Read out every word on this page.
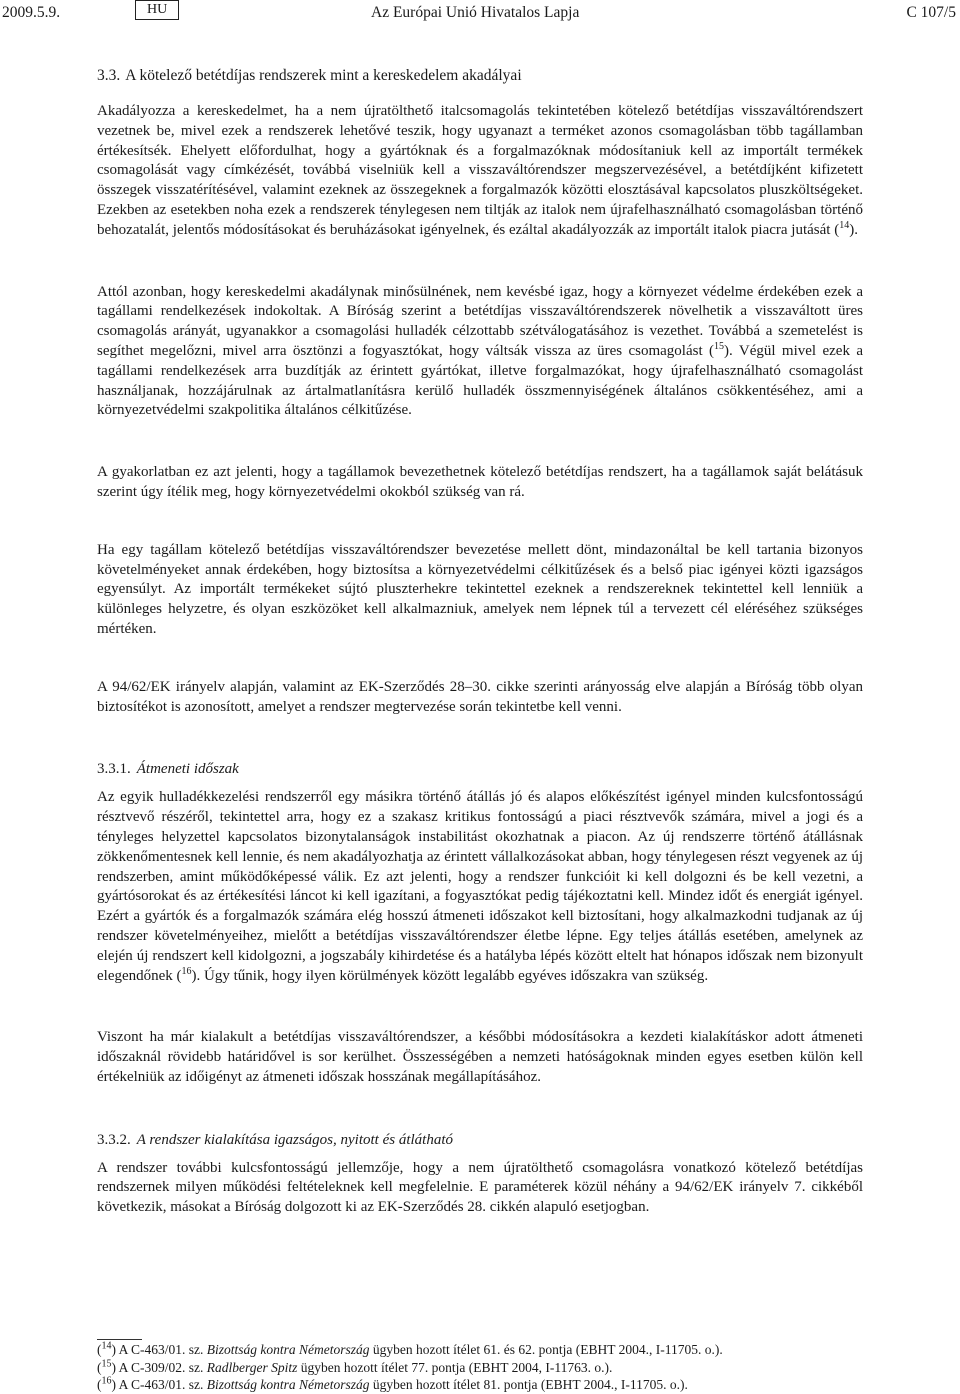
2009.5.9.	HU	Az Európai Unió Hivatalos Lapja	C 107/5
3.3. A kötelező betétdíjas rendszerek mint a kereskedelem akadályai

Akadályozza a kereskedelmet, ha a nem újratölthető italcsomagolás tekintetében kötelező betétdíjas visszaváltórendszert vezetnek be, mivel ezek a rendszerek lehetővé teszik, hogy ugyanazt a terméket azonos csomagolásban több tagállamban értékesítsék. Ehelyett előfordulhat, hogy a gyártóknak és a forgalmazóknak módosítaniuk kell az importált termékek csomagolását vagy címkézését, továbbá viselniük kell a visszaváltórendszer megszervezésével, a betétdíjként kifizetett összegek visszatérítésével, valamint ezeknek az összegeknek a forgalmazók közötti elosztásával kapcsolatos pluszköltségeket. Ezekben az esetekben noha ezek a rendszerek ténylegesen nem tiltják az italok nem újrafelhasználható csomagolásban történő behozatalát, jelentős módosításokat és beruházásokat igényelnek, és ezáltal akadályozzák az importált italok piacra jutását ($^{14}$).

Attól azonban, hogy kereskedelmi akadálynak minősülnének, nem kevésbé igaz, hogy a környezet védelme érdekében ezek a tagállami rendelkezések indokoltak. A Bíróság szerint a betétdíjas visszaváltórendszerek növelhetik a visszaváltott üres csomagolás arányát, ugyanakkor a csomagolási hulladék célzottabb szétválogatásához is vezethet. Továbbá a szemetelést is segíthet megelőzni, mivel arra ösztönzi a fogyasztókat, hogy váltsák vissza az üres csomagolást ($^{15}$). Végül mivel ezek a tagállami rendelkezések arra buzdítják az érintett gyártókat, illetve forgalmazókat, hogy újrafelhasználható csomagolást használjanak, hozzájárulnak az ártalmatlanításra kerülő hulladék összmennyiségének általános csökkentéséhez, ami a környezetvédelmi szakpolitika általános célkitűzése.

A gyakorlatban ez azt jelenti, hogy a tagállamok bevezethetnek kötelező betétdíjas rendszert, ha a tagállamok saját belátásuk szerint úgy ítélik meg, hogy környezetvédelmi okokból szükség van rá.

Ha egy tagállam kötelező betétdíjas visszaváltórendszer bevezetése mellett dönt, mindazonáltal be kell tartania bizonyos követelményeket annak érdekében, hogy biztosítsa a környezetvédelmi célkitűzések és a belső piac igényei közti igazságos egyensúlyt. Az importált termékeket sújtó pluszterhekre tekintettel ezeknek a rendszereknek tekintettel kell lenniük a különleges helyzetre, és olyan eszközöket kell alkalmazniuk, amelyek nem lépnek túl a tervezett cél eléréséhez szükséges mértéken.

A 94/62/EK irányelv alapján, valamint az EK-Szerződés 28–30. cikke szerinti arányosság elve alapján a Bíróság több olyan biztosítékot is azonosított, amelyet a rendszer megtervezése során tekintetbe kell venni.

3.3.1. Átmeneti időszak

Az egyik hulladékkezelési rendszerről egy másikra történő átállás jó és alapos előkészítést igényel minden kulcsfontosságú résztvevő részéről, tekintettel arra, hogy ez a szakasz kritikus fontosságú a piaci résztvevők számára, mivel a jogi és a tényleges helyzettel kapcsolatos bizonytalanságok instabilitást okozhatnak a piacon. Az új rendszerre történő átállásnak zökkenőmentesnek kell lennie, és nem akadályozhatja az érintett vállalkozásokat abban, hogy ténylegesen részt vegyenek az új rendszerben, amint működőképessé válik. Ez azt jelenti, hogy a rendszer funkcióit ki kell dolgozni és be kell vezetni, a gyártósorokat és az értékesítési láncot ki kell igazítani, a fogyasztókat pedig tájékoztatni kell. Mindez időt és energiát igényel. Ezért a gyártók és a forgalmazók számára elég hosszú átmeneti időszakot kell biztosítani, hogy alkalmazkodni tudjanak az új rendszer követelményeihez, mielőtt a betétdíjas visszaváltórendszer életbe lépne. Egy teljes átállás esetében, amelynek az elején új rendszert kell kidolgozni, a jogszabály kihirdetése és a hatályba lépés között eltelt hat hónapos időszak nem bizonyult elegendőnek ($^{16}$). Úgy tűnik, hogy ilyen körülmények között legalább egyéves időszakra van szükség.

Viszont ha már kialakult a betétdíjas visszaváltórendszer, a későbbi módosításokra a kezdeti kialakításkor adott átmeneti időszaknál rövidebb határidővel is sor kerülhet. Összességében a nemzeti hatóságoknak minden egyes esetben külön kell értékelniük az időigényt az átmeneti időszak hosszának megállapításához.

3.3.2. A rendszer kialakítása igazságos, nyitott és átlátható

A rendszer további kulcsfontosságú jellemzője, hogy a nem újratölthető csomagolásra vonatkozó kötelező betétdíjas rendszernek milyen működési feltételeknek kell megfelelnie. E paraméterek közül néhány a 94/62/EK irányelv 7. cikkéből következik, másokat a Bíróság dolgozott ki az EK-Szerződés 28. cikkén alapuló esetjogban.

($^{14}$) A C-463/01. sz. Bizottság kontra Németország ügyben hozott ítélet 61. és 62. pontja (EBHT 2004., I-11705. o.).
($^{15}$) A C-309/02. sz. Radlberger Spitz ügyben hozott ítélet 77. pontja (EBHT 2004, I-11763. o.).
($^{16}$) A C-463/01. sz. Bizottság kontra Németország ügyben hozott ítélet 81. pontja (EBHT 2004., I-11705. o.).
